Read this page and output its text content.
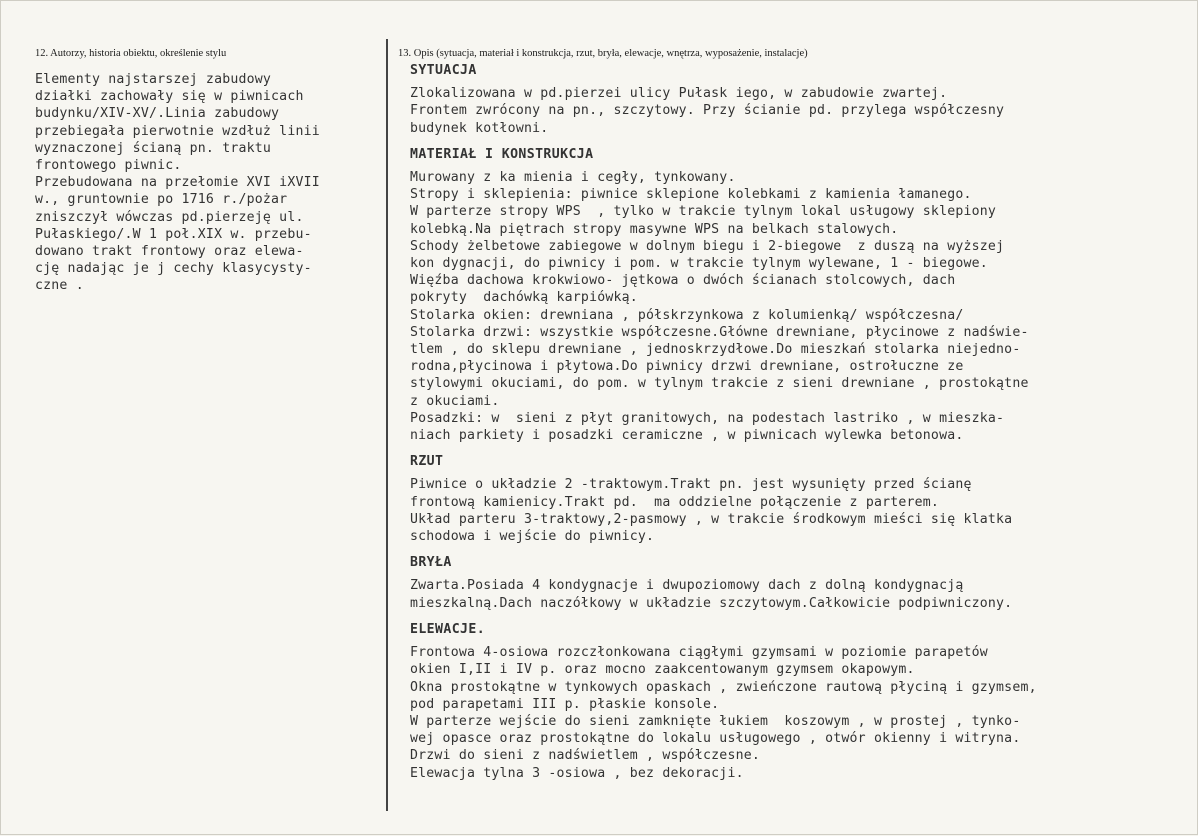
12. Autorzy, historia obiektu, określenie stylu
Elementy najstarszej zabudowy
działki zachowały się w piwnicach
budynku/XIV-XV/.Linia zabudowy
przebiegała pierwotnie wzdłuż linii
wyznaczonej ścianą pn. traktu
frontowego piwnic.
Przebudowana na przełomie XVI iXVII
w., gruntownie po 1716 r./pożar
zniszczył wówczas pd.pierzeję ul.
Pułaskiego/.W 1 poł.XIX w. przebu-
dowano trakt frontowy oraz elewa-
cję nadając je j cechy klasycysty-
czne .
13. Opis (sytuacja, materiał i konstrukcja, rzut, bryła, elewacje, wnętrza, wyposażenie, instalacje)
SYTUACJA
Zlokalizowana w pd.pierzei ulicy Pułask iego, w zabudowie zwartej.
Frontem zwrócony na pn., szczytowy. Przy ścianie pd. przylega współczesny
budynek kotłowni.
MATERIAŁ I KONSTRUKCJA
Murowany z ka mienia i cegły, tynkowany.
Stropy i sklepienia: piwnice sklepione kolebkami z kamienia łamanego.
W parterze stropy WPS  , tylko w trakcie tylnym lokal usługowy sklepiony
kolebką.Na piętrach stropy masywne WPS na belkach stalowych.
Schody żelbetowe zabiegowe w dolnym biegu i 2-biegowe  z duszą na wyższej
kon dygnacji, do piwnicy i pom. w trakcie tylnym wylewane, 1 - biegowe.
Więźba dachowa krokwiowo- jętkowa o dwóch ścianach stolcowych, dach
pokryty  dachówką karpiówką.
Stolarka okien: drewniana , półskrzynkowa z kolumienką/ współczesna/
Stolarka drzwi: wszystkie współczesne.Główne drewniane, płycinowe z nadświe-
tlem , do sklepu drewniane , jednoskrzydłowe.Do mieszkań stolarka niejedno-
rodna,płycinowa i płytowa.Do piwnicy drzwi drewniane, ostrołuczne ze
stylowymi okuciami, do pom. w tylnym trakcie z sieni drewniane , prostokątne
z okuciami.
Posadzki: w  sieni z płyt granitowych, na podestach lastriko , w mieszka-
niach parkiety i posadzki ceramiczne , w piwnicach wylewka betonowa.
RZUT
Piwnice o układzie 2 -traktowym.Trakt pn. jest wysunięty przed ścianę
frontową kamienicy.Trakt pd.  ma oddzielne połączenie z parterem.
Układ parteru 3-traktowy,2-pasmowy , w trakcie środkowym mieści się klatka
schodowa i wejście do piwnicy.
BRYŁA
Zwarta.Posiada 4 kondygnacje i dwupoziomowy dach z dolną kondygnacją
mieszkalną.Dach naczółkowy w układzie szczytowym.Całkowicie podpiwniczony.
ELEWACJE.
Frontowa 4-osiowa rozczłonkowana ciągłymi gzymsami w poziomie parapetów
okien I,II i IV p. oraz mocno zaakcentowanym gzymsem okapowym.
Okna prostokątne w tynkowych opaskach , zwieńczone rautową płyciną i gzymsem,
pod parapetami III p. płaskie konsole.
W parterze wejście do sieni zamknięte łukiem  koszowym , w prostej , tynko-
wej opasce oraz prostokątne do lokalu usługowego , otwór okienny i witryna.
Drzwi do sieni z nadświetlem , współczesne.
Elewacja tylna 3 -osiowa , bez dekoracji.
